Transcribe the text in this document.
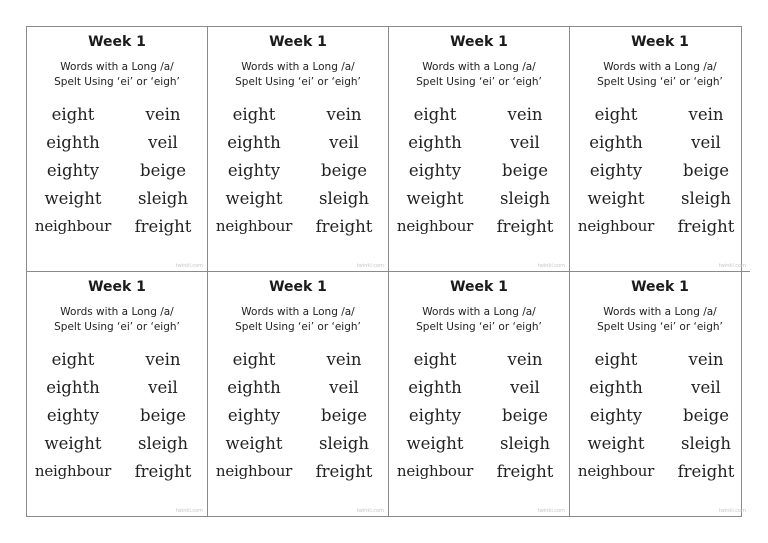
Week 1
Words with a Long /a/
Spelt Using ‘ei’ or ‘eigh’
eight	vein
eighth	veil
eighty	beige
weight	sleigh
neighbour	freight
twinkl.com
Week 1
Words with a Long /a/
Spelt Using ‘ei’ or ‘eigh’
eight	vein
eighth	veil
eighty	beige
weight	sleigh
neighbour	freight
twinkl.com
Week 1
Words with a Long /a/
Spelt Using ‘ei’ or ‘eigh’
eight	vein
eighth	veil
eighty	beige
weight	sleigh
neighbour	freight
twinkl.com
Week 1
Words with a Long /a/
Spelt Using ‘ei’ or ‘eigh’
eight	vein
eighth	veil
eighty	beige
weight	sleigh
neighbour	freight
twinkl.com
Week 1
Words with a Long /a/
Spelt Using ‘ei’ or ‘eigh’
eight	vein
eighth	veil
eighty	beige
weight	sleigh
neighbour	freight
twinkl.com
Week 1
Words with a Long /a/
Spelt Using ‘ei’ or ‘eigh’
eight	vein
eighth	veil
eighty	beige
weight	sleigh
neighbour	freight
twinkl.com
Week 1
Words with a Long /a/
Spelt Using ‘ei’ or ‘eigh’
eight	vein
eighth	veil
eighty	beige
weight	sleigh
neighbour	freight
twinkl.com
Week 1
Words with a Long /a/
Spelt Using ‘ei’ or ‘eigh’
eight	vein
eighth	veil
eighty	beige
weight	sleigh
neighbour	freight
twinkl.com
